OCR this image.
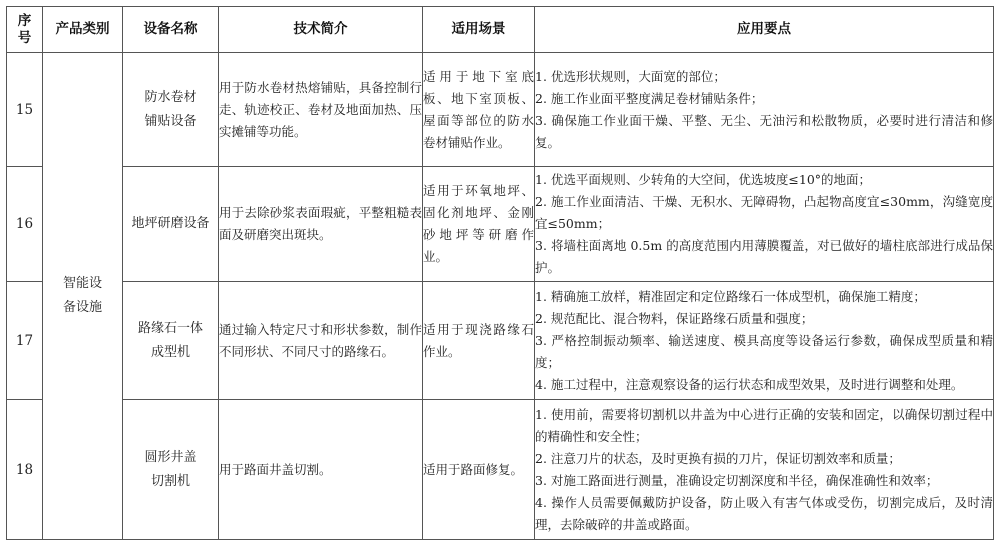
序号	产品类别	设备名称	技术简介	适用场景	应用要点
15	智能设备设施	防水卷材铺贴设备	用于防水卷材热熔铺贴，具备控制行走、轨迹校正、卷材及地面加热、压实摊铺等功能。	适用于地下室底板、地下室顶板、屋面等部位的防水卷材铺贴作业。	1. 优选形状规则，大面宽的部位；
2. 施工作业面平整度满足卷材铺贴条件；
3. 确保施工作业面干燥、平整、无尘、无油污和松散物质，必要时进行清洁和修复。

16		地坪研磨设备	用于去除砂浆表面瑕疵，平整粗糙表面及研磨突出斑块。	适用于环氧地坪、固化剂地坪、金刚砂地坪等研磨作业。	1. 优选平面规则、少转角的大空间，优选坡度≤10°的地面；
2. 施工作业面清洁、干燥、无积水、无障碍物，凸起物高度宜≤30mm，沟缝宽度宜≤50mm；
3. 将墙柱面离地 0.5m 的高度范围内用薄膜覆盖，对已做好的墙柱底部进行成品保护。

17		路缘石一体成型机	通过输入特定尺寸和形状参数，制作不同形状、不同尺寸的路缘石。	适用于现浇路缘石作业。	1. 精确施工放样，精准固定和定位路缘石一体成型机，确保施工精度；
2. 规范配比、混合物料，保证路缘石质量和强度；
3. 严格控制振动频率、输送速度、模具高度等设备运行参数，确保成型质量和精度；
4. 施工过程中，注意观察设备的运行状态和成型效果，及时进行调整和处理。

18		圆形井盖切割机	用于路面井盖切割。	适用于路面修复。	1. 使用前，需要将切割机以井盖为中心进行正确的安装和固定，以确保切割过程中的精确性和安全性；
2. 注意刀片的状态，及时更换有损的刀片，保证切割效率和质量；
3. 对施工路面进行测量，准确设定切割深度和半径，确保准确性和效率；
4. 操作人员需要佩戴防护设备，防止吸入有害气体或受伤，切割完成后，及时清理，去除破碎的井盖或路面。
